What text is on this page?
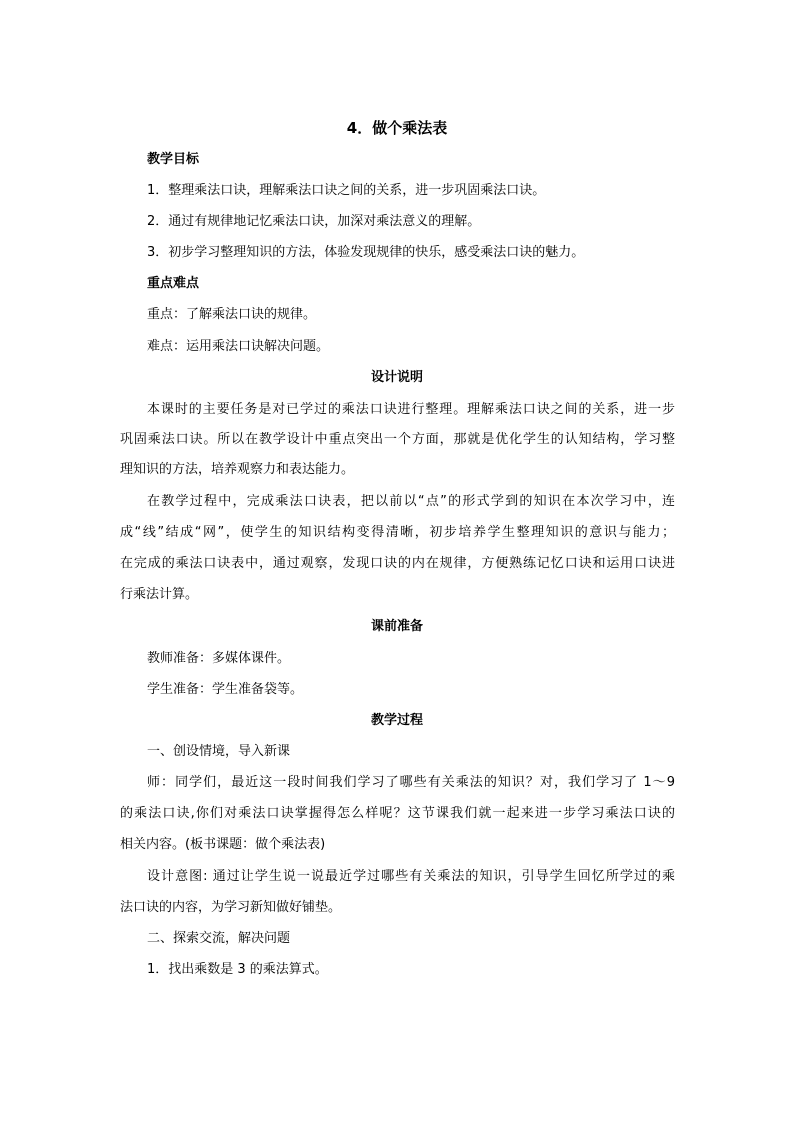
4．做个乘法表
教学目标
1．整理乘法口诀，理解乘法口诀之间的关系，进一步巩固乘法口诀。
2．通过有规律地记忆乘法口诀，加深对乘法意义的理解。
3．初步学习整理知识的方法，体验发现规律的快乐，感受乘法口诀的魅力。
重点难点
重点：了解乘法口诀的规律。
难点：运用乘法口诀解决问题。
设计说明
本课时的主要任务是对已学过的乘法口诀进行整理。理解乘法口诀之间的关系，进一步
巩固乘法口诀。所以在教学设计中重点突出一个方面，那就是优化学生的认知结构，学习整
理知识的方法，培养观察力和表达能力。
在教学过程中，完成乘法口诀表，把以前以“点”的形式学到的知识在本次学习中，连
成“线”结成“网”，使学生的知识结构变得清晰，初步培养学生整理知识的意识与能力；
在完成的乘法口诀表中，通过观察，发现口诀的内在规律，方便熟练记忆口诀和运用口诀进
行乘法计算。
课前准备
教师准备：多媒体课件。
学生准备：学生准备袋等。
教学过程
一、创设情境，导入新课
师：同学们，最近这一段时间我们学习了哪些有关乘法的知识？对，我们学习了 1～9
的乘法口诀,你们对乘法口诀掌握得怎么样呢？这节课我们就一起来进一步学习乘法口诀的
相关内容。(板书课题：做个乘法表)
设计意图: 通过让学生说一说最近学过哪些有关乘法的知识，引导学生回忆所学过的乘
法口诀的内容，为学习新知做好铺垫。
二、探索交流，解决问题
1．找出乘数是 3 的乘法算式。
